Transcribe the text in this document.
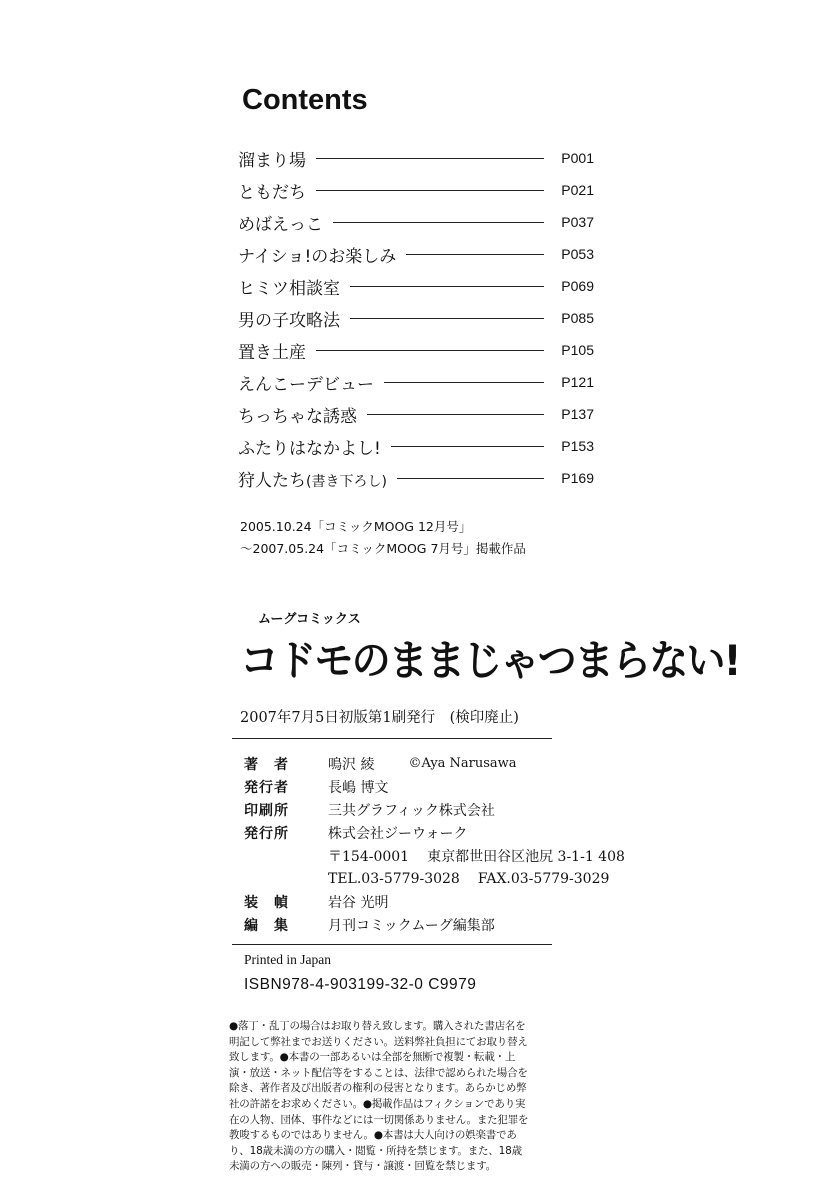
Contents
溜まり場	P001
ともだち	P021
めばえっこ	P037
ナイショ!のお楽しみ	P053
ヒミツ相談室	P069
男の子攻略法	P085
置き土産	P105
えんこーデビュー	P121
ちっちゃな誘惑	P137
ふたりはなかよし!	P153
狩人たち(書き下ろし)	P169
2005.10.24「コミックMOOG 12月号」
～2007.05.24「コミックMOOG 7月号」掲載作品
ムーグコミックス
コドモのままじゃつまらない!
2007年7月5日初版第1刷発行　(検印廃止)
著　者	鳴沢 綾	©Aya Narusawa
発行者	長嶋 博文
印刷所	三共グラフィック株式会社
発行所	株式会社ジーウォーク
〒154-0001 東京都世田谷区池尻 3-1-1 408
TEL.03-5779-3028 FAX.03-5779-3029
装　幀	岩谷 光明
編　集	月刊コミックムーグ編集部
Printed in Japan
ISBN978-4-903199-32-0 C9979
●落丁・乱丁の場合はお取り替え致します。購入された書店名を明記して弊社までお送りください。送料弊社負担にてお取り替え致します。●本書の一部あるいは全部を無断で複製・転載・上演・放送・ネット配信等をすることは、法律で認められた場合を除き、著作者及び出版者の権利の侵害となります。あらかじめ弊社の許諾をお求めください。●掲載作品はフィクションであり実在の人物、団体、事件などには一切関係ありません。また犯罪を教唆するものではありません。●本書は大人向けの娯楽書であり、18歳未満の方の購入・閲覧・所持を禁じます。また、18歳未満の方への販売・陳列・貸与・譲渡・回覧を禁じます。
